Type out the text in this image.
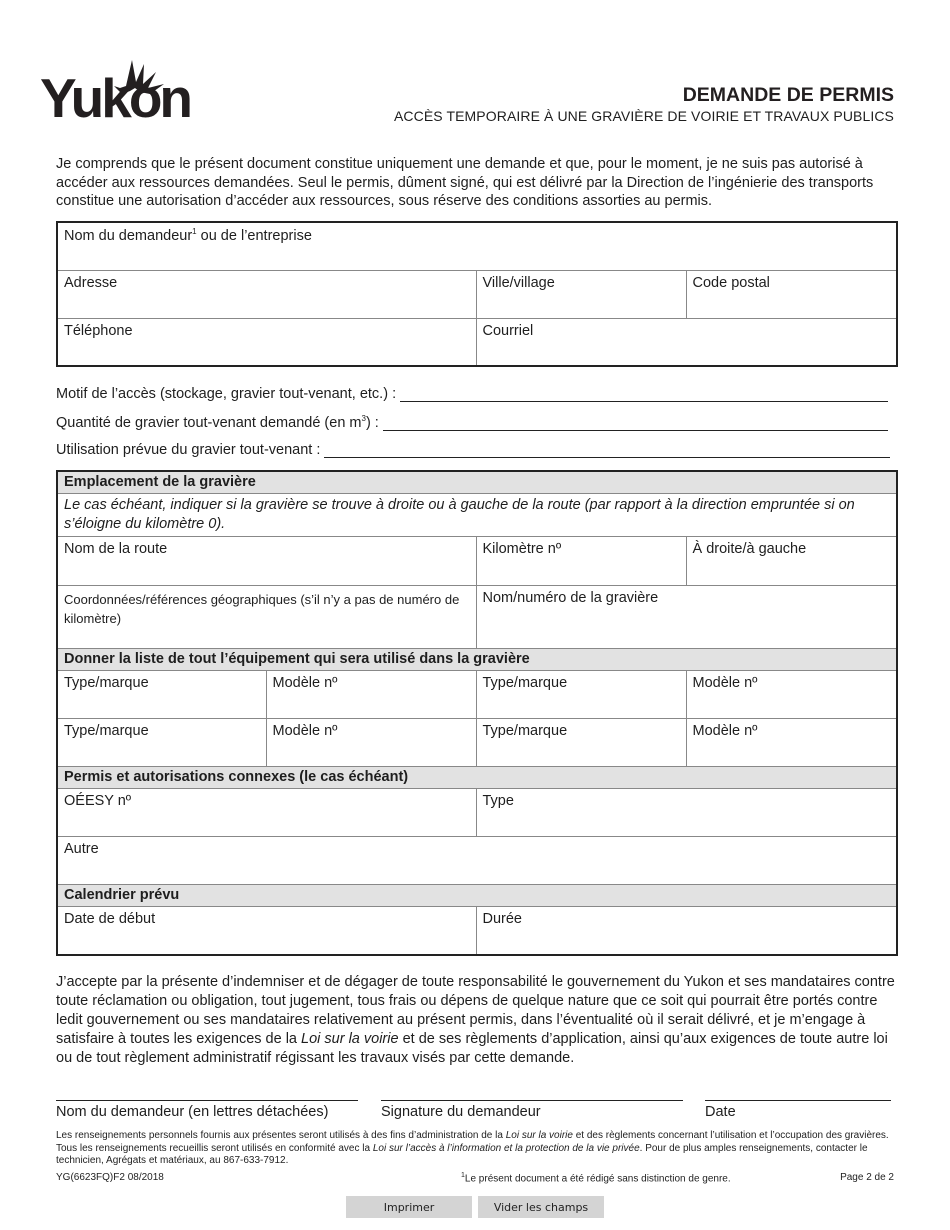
Yukon	DEMANDE DE PERMIS
ACCÈS TEMPORAIRE À UNE GRAVIÈRE DE VOIRIE ET TRAVAUX PUBLICS
Je comprends que le présent document constitue uniquement une demande et que, pour le moment, je ne suis pas autorisé à accéder aux ressources demandées. Seul le permis, dûment signé, qui est délivré par la Direction de l’ingénierie des transports constitue une autorisation d’accéder aux ressources, sous réserve des conditions assorties au permis.
Nom du demandeur$^1$ ou de l’entreprise		
Adresse	Ville/village	Code postal
Téléphone	Courriel	
Motif de l’accès (stockage, gravier tout-venant, etc.) :
Quantité de gravier tout-venant demandé (en $m^3$) :
Utilisation prévue du gravier tout-venant :
Emplacement de la gravière			
Le cas échéant, indiquer si la gravière se trouve à droite ou à gauche de la route (par rapport à la direction empruntée si on s’éloigne du kilomètre 0).			
Nom de la route		Kilomètre nº	À droite/à gauche
Coordonnées/références géographiques (s’il n’y a pas de numéro de kilomètre)		Nom/numéro de la gravière	
Donner la liste de tout l’équipement qui sera utilisé dans la gravière			
Type/marque	Modèle nº	Type/marque	Modèle nº
Type/marque	Modèle nº	Type/marque	Modèle nº
Permis et autorisations connexes (le cas échéant)			
OÉESY nº		Type	
Autre			
Calendrier prévu			
Date de début		Durée	
J’accepte par la présente d’indemniser et de dégager de toute responsabilité le gouvernement du Yukon et ses mandataires contre toute réclamation ou obligation, tout jugement, tous frais ou dépens de quelque nature que ce soit qui pourrait être portés contre ledit gouvernement ou ses mandataires relativement au présent permis, dans l’éventualité où il serait délivré, et je m’engage à satisfaire à toutes les exigences de la Loi sur la voirie et de ses règlements d’application, ainsi qu’aux exigences de toute autre loi ou de tout règlement administratif régissant les travaux visés par cette demande.
Nom du demandeur (en lettres détachées)	Signature du demandeur	Date
Les renseignements personnels fournis aux présentes seront utilisés à des fins d’administration de la Loi sur la voirie et des règlements concernant l’utilisation et l’occupation des gravières. Tous les renseignements recueillis seront utilisés en conformité avec la Loi sur l’accès à l’information et la protection de la vie privée. Pour de plus amples renseignements, contacter le technicien, Agrégats et matériaux, au 867-633-7912.
YG(6623FQ)F2 08/2018	$^1$Le présent document a été rédigé sans distinction de genre.	Page 2 de 2
Imprimer	Vider les champs
